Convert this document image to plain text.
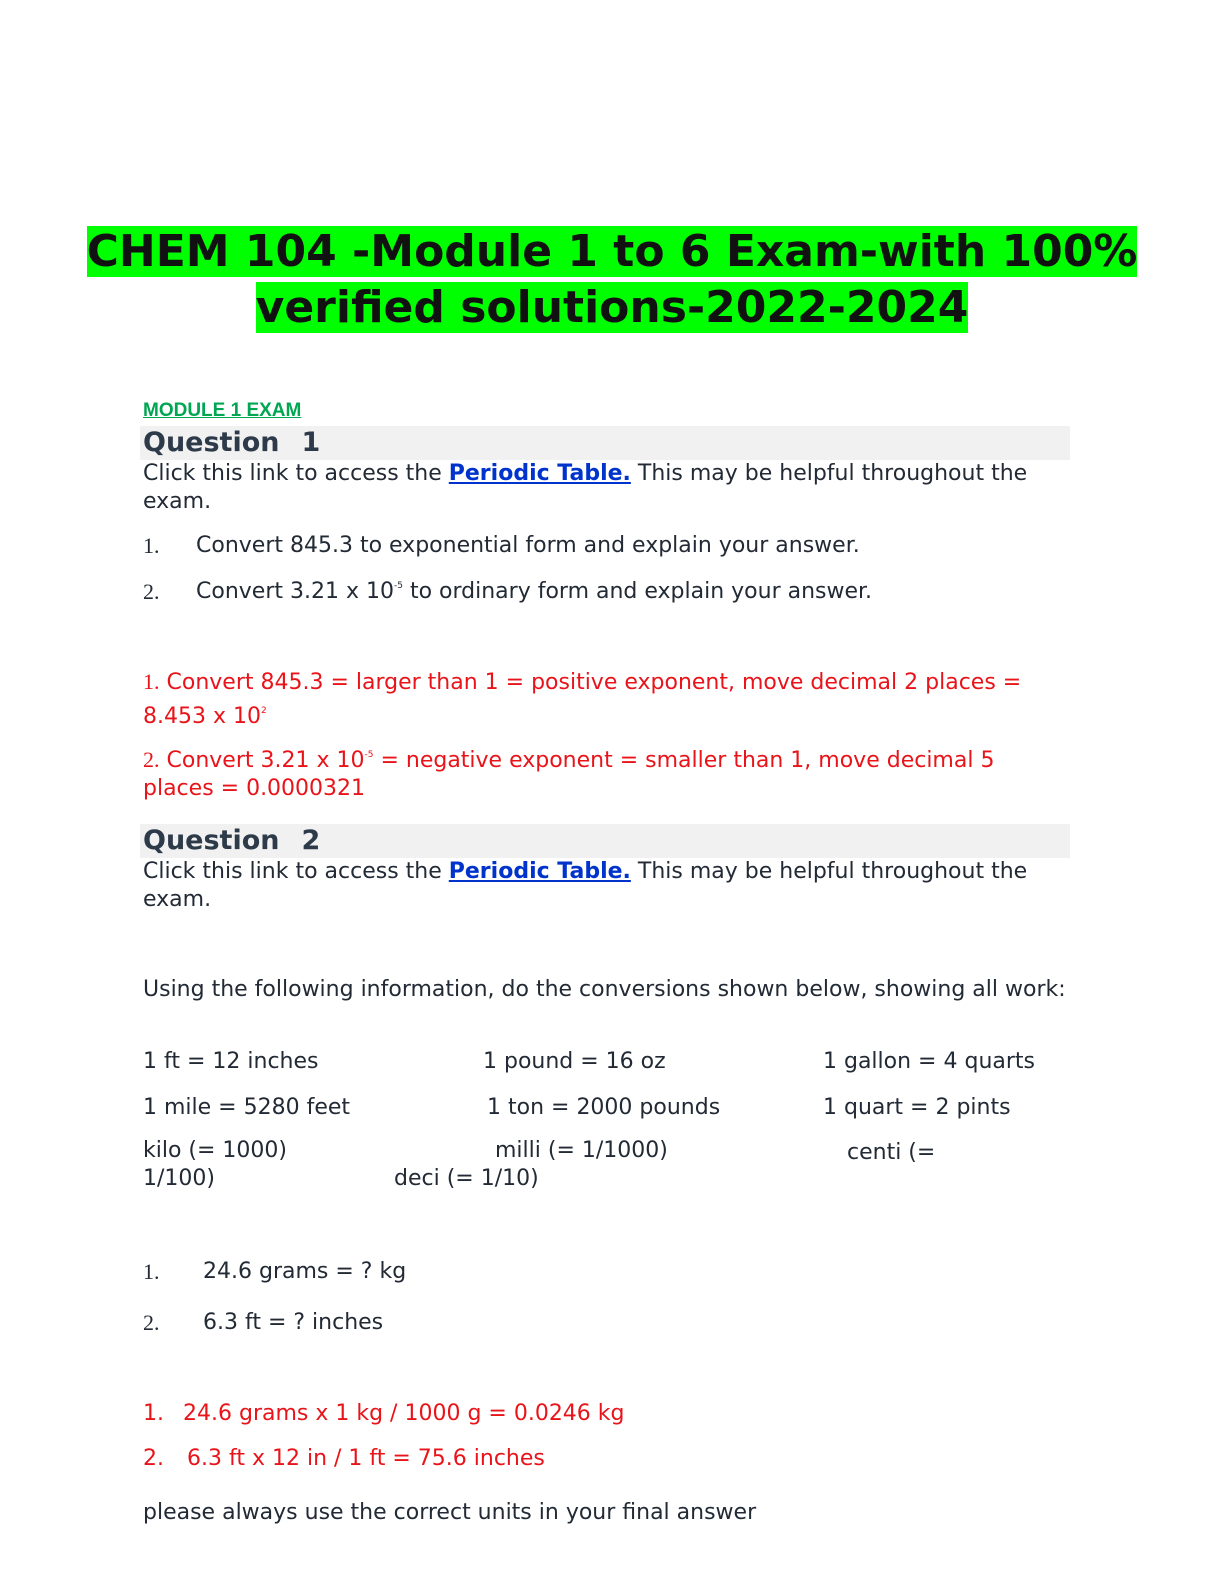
CHEM 104 -Module 1 to 6 Exam-with 100%
verified solutions-2022-2024
MODULE 1 EXAM
Question 1
Click this link to access the Periodic Table. This may be helpful throughout the exam.
1. Convert 845.3 to exponential form and explain your answer.
2. Convert 3.21 x $10^{-5}$ to ordinary form and explain your answer.
1. Convert 845.3 = larger than 1 = positive exponent, move decimal 2 places = 8.453 x $10^2$
2. Convert 3.21 x $10^{-5}$ = negative exponent = smaller than 1, move decimal 5 places = 0.0000321
Question 2
Click this link to access the Periodic Table. This may be helpful throughout the exam.
Using the following information, do the conversions shown below, showing all work:
1 ft = 12 inches	1 pound = 16 oz	1 gallon = 4 quarts
1 mile = 5280 feet	1 ton = 2000 pounds	1 quart = 2 pints
kilo (= 1000)	milli (= 1/1000)	centi (=
1/100)	deci (= 1/10)
1. 24.6 grams = ? kg
2. 6.3 ft = ? inches
1. 24.6 grams x 1 kg / 1000 g = 0.0246 kg
2. 6.3 ft x 12 in / 1 ft = 75.6 inches
please always use the correct units in your final answer
